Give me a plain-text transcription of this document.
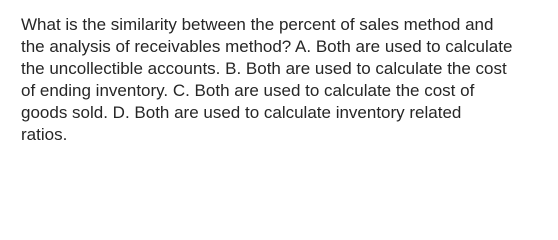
What is the similarity between the percent of sales method and
the analysis of receivables method? A. Both are used to calculate
the uncollectible accounts. B. Both are used to calculate the cost
of ending inventory. C. Both are used to calculate the cost of
goods sold. D. Both are used to calculate inventory related
ratios.
